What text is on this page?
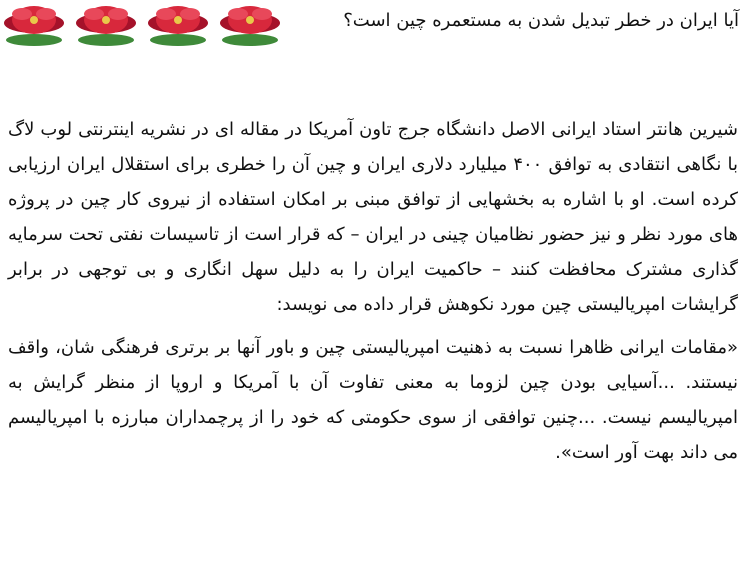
آیا ایران در خطر تبدیل شدن به مستعمره چین است؟

شیرین هانتر استاد ایرانی الاصل دانشگاه جرج تاون آمریکا در مقاله ای در نشریه اینترنتی لوب لاگ با نگاهی انتقادی به توافق ۴۰۰ میلیارد دلاری ایران و چین آن را خطری برای استقلال ایران ارزیابی کرده است. او با اشاره به بخشهایی از توافق مبنی بر امکان استفاده از نیروی کار چین در پروژه های مورد نظر و نیز حضور نظامیان چینی در ایران – که قرار است از تاسیسات نفتی تحت سرمایه گذاری مشترک محافظت کنند – حاکمیت ایران را به دلیل سهل انگاری و بی توجهی در برابر گرایشات امپریالیستی چین مورد نکوهش قرار داده می نویسد:

«مقامات ایرانی ظاهرا نسبت به ذهنیت امپریالیستی چین و باور آنها بر برتری فرهنگی شان، واقف نیستند. ...آسیایی بودن چین لزوما به معنی تفاوت آن با آمریکا و اروپا از منظر گرایش به امپریالیسم نیست. ...چنین توافقی از سوی حکومتی که خود را از پرچمداران مبارزه با امپریالیسم می داند بهت آور است».
